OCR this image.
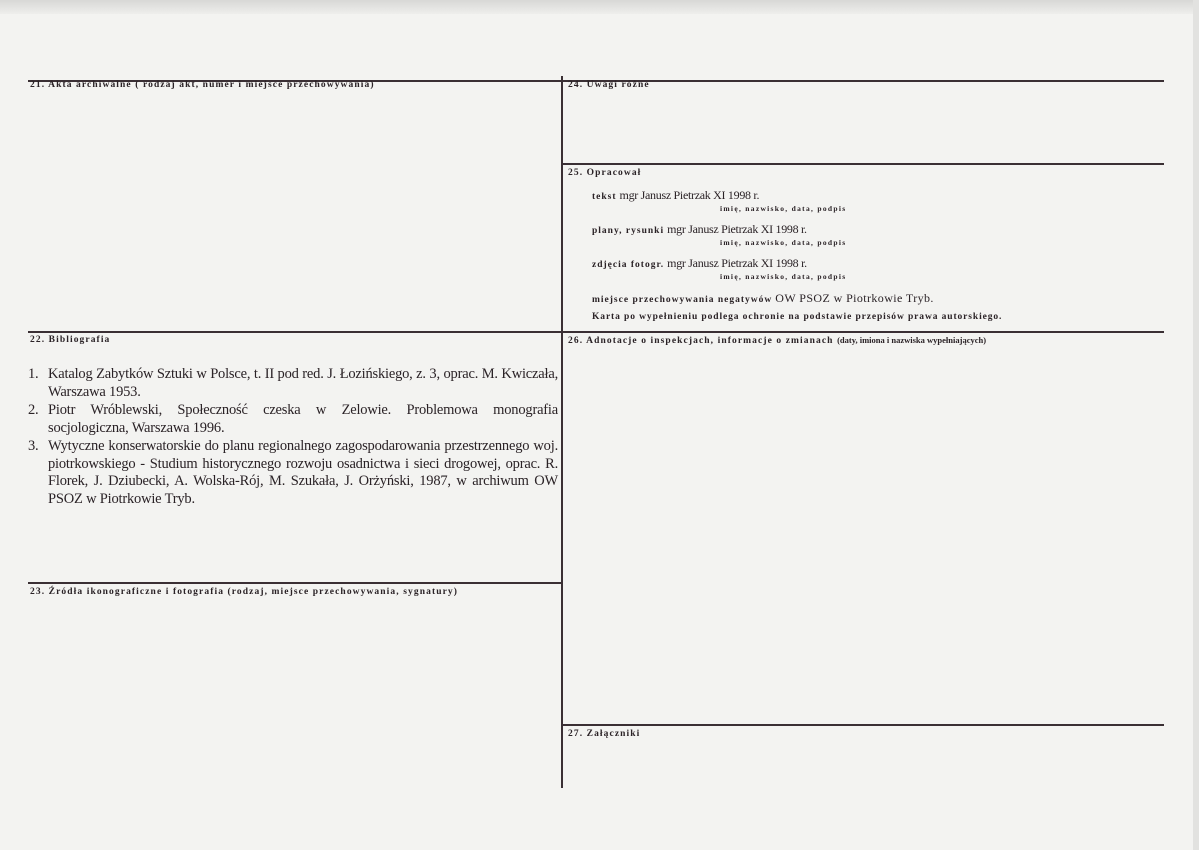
21. Akta archiwalne ( rodzaj akt, numer i miejsce przechowywania)	24. Uwagi różne
25. Opracował
tekst mgr Janusz Pietrzak XI 1998 r.
imię, nazwisko, data, podpis
plany, rysunki mgr Janusz Pietrzak XI 1998 r.
imię, nazwisko, data, podpis
zdjęcia fotogr. mgr Janusz Pietrzak XI 1998 r.
imię, nazwisko, data, podpis
miejsce przechowywania negatywów OW PSOZ w Piotrkowie Tryb.
Karta po wypełnieniu podlega ochronie na podstawie przepisów prawa autorskiego.
22. Bibliografia
1. Katalog Zabytków Sztuki w Polsce, t. II pod red. J. Łozińskiego, z. 3, oprac. M. Kwiczała, Warszawa 1953.
2. Piotr Wróblewski, Społeczność czeska w Zelowie. Problemowa monografia socjologiczna, Warszawa 1996.
3. Wytyczne konserwatorskie do planu regionalnego zagospodarowania przestrzennego woj. piotrkowskiego - Studium historycznego rozwoju osadnictwa i sieci drogowej, oprac. R. Florek, J. Dziubecki, A. Wolska-Rój, M. Szukała, J. Orżyński, 1987, w archiwum OW PSOZ w Piotrkowie Tryb.
26. Adnotacje o inspekcjach, informacje o zmianach (daty, imiona i nazwiska wypełniających)
23. Źródła ikonograficzne i fotografia (rodzaj, miejsce przechowywania, sygnatury)
27. Załączniki
